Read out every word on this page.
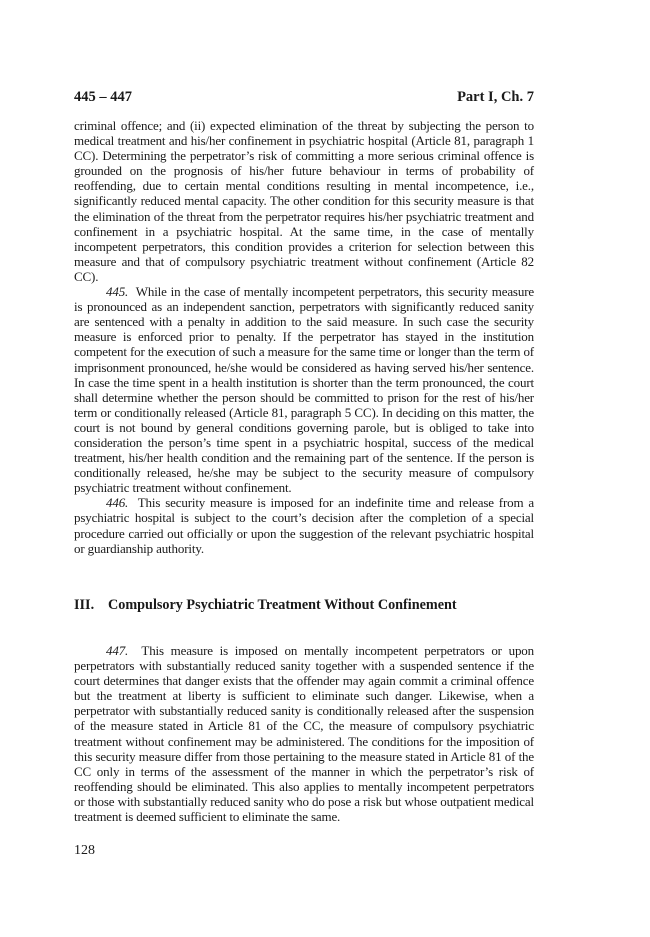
445 – 447	Part I, Ch. 7

criminal offence; and (ii) expected elimination of the threat by subjecting the person to medical treatment and his/her confinement in psychiatric hospital (Article 81, paragraph 1 CC). Determining the perpetrator’s risk of committing a more serious criminal offence is grounded on the prognosis of his/her future behaviour in terms of probability of reoffending, due to certain mental conditions resulting in mental incompetence, i.e., significantly reduced mental capacity. The other condition for this security measure is that the elimination of the threat from the perpetrator requires his/her psychiatric treatment and confinement in a psychiatric hospital. At the same time, in the case of mentally incompetent perpetrators, this condition provides a criterion for selection between this measure and that of compulsory psychiatric treatment without confinement (Article 82 CC).

445. While in the case of mentally incompetent perpetrators, this security measure is pronounced as an independent sanction, perpetrators with significantly reduced sanity are sentenced with a penalty in addition to the said measure. In such case the security measure is enforced prior to penalty. If the perpetrator has stayed in the institution competent for the execution of such a measure for the same time or longer than the term of imprisonment pronounced, he/she would be considered as having served his/her sentence. In case the time spent in a health institution is shorter than the term pronounced, the court shall determine whether the person should be committed to prison for the rest of his/her term or conditionally released (Article 81, paragraph 5 CC). In deciding on this matter, the court is not bound by general conditions governing parole, but is obliged to take into consideration the person’s time spent in a psychiatric hospital, success of the medical treatment, his/her health condition and the remaining part of the sentence. If the person is conditionally released, he/she may be subject to the security measure of compulsory psychiatric treatment without confinement.

446. This security measure is imposed for an indefinite time and release from a psychiatric hospital is subject to the court’s decision after the completion of a special procedure carried out officially or upon the suggestion of the relevant psychiatric hospital or guardianship authority.

III. Compulsory Psychiatric Treatment Without Confinement

447. This measure is imposed on mentally incompetent perpetrators or upon perpetrators with substantially reduced sanity together with a suspended sentence if the court determines that danger exists that the offender may again commit a criminal offence but the treatment at liberty is sufficient to eliminate such danger. Likewise, when a perpetrator with substantially reduced sanity is conditionally released after the suspension of the measure stated in Article 81 of the CC, the measure of compulsory psychiatric treatment without confinement may be administered. The conditions for the imposition of this security measure differ from those pertaining to the measure stated in Article 81 of the CC only in terms of the assessment of the manner in which the perpetrator’s risk of reoffending should be eliminated. This also applies to mentally incompetent perpetrators or those with substantially reduced sanity who do pose a risk but whose outpatient medical treatment is deemed sufficient to eliminate the same.

128
